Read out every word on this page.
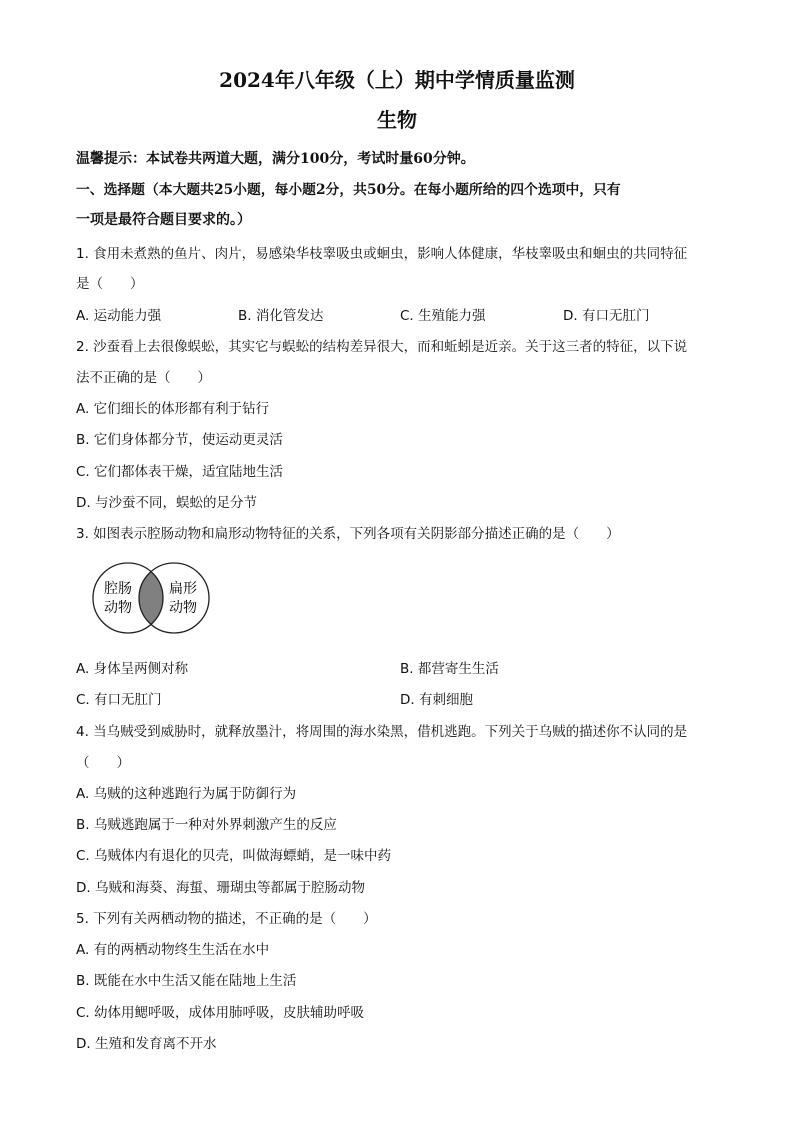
2024年八年级（上）期中学情质量监测
生物
温馨提示：本试卷共两道大题，满分100分，考试时量60分钟。
一、选择题（本大题共25小题，每小题2分，共50分。在每小题所给的四个选项中，只有
一项是最符合题目要求的。）
1. 食用未煮熟的鱼片、肉片，易感染华枝睾吸虫或蛔虫，影响人体健康，华枝睾吸虫和蛔虫的共同特征
是（　　）
A. 运动能力强	B. 消化管发达	C. 生殖能力强	D. 有口无肛门
2. 沙蚕看上去很像蜈蚣，其实它与蜈蚣的结构差异很大，而和蚯蚓是近亲。关于这三者的特征，以下说
法不正确的是（　　）
A. 它们细长的体形都有利于钻行
B. 它们身体都分节，使运动更灵活
C. 它们都体表干燥，适宜陆地生活
D. 与沙蚕不同，蜈蚣的足分节
3. 如图表示腔肠动物和扁形动物特征的关系，下列各项有关阴影部分描述正确的是（　　）
腔肠
动物
扁形
动物
A. 身体呈两侧对称	B. 都营寄生生活
C. 有口无肛门	D. 有刺细胞
4. 当乌贼受到威胁时，就释放墨汁，将周围的海水染黑，借机逃跑。下列关于乌贼的描述你不认同的是
（　　）
A. 乌贼的这种逃跑行为属于防御行为
B. 乌贼逃跑属于一种对外界刺激产生的反应
C. 乌贼体内有退化的贝壳，叫做海螵蛸，是一味中药
D. 乌贼和海葵、海蜇、珊瑚虫等都属于腔肠动物
5. 下列有关两栖动物的描述，不正确的是（　　）
A. 有的两栖动物终生生活在水中
B. 既能在水中生活又能在陆地上生活
C. 幼体用鳃呼吸，成体用肺呼吸，皮肤辅助呼吸
D. 生殖和发育离不开水
